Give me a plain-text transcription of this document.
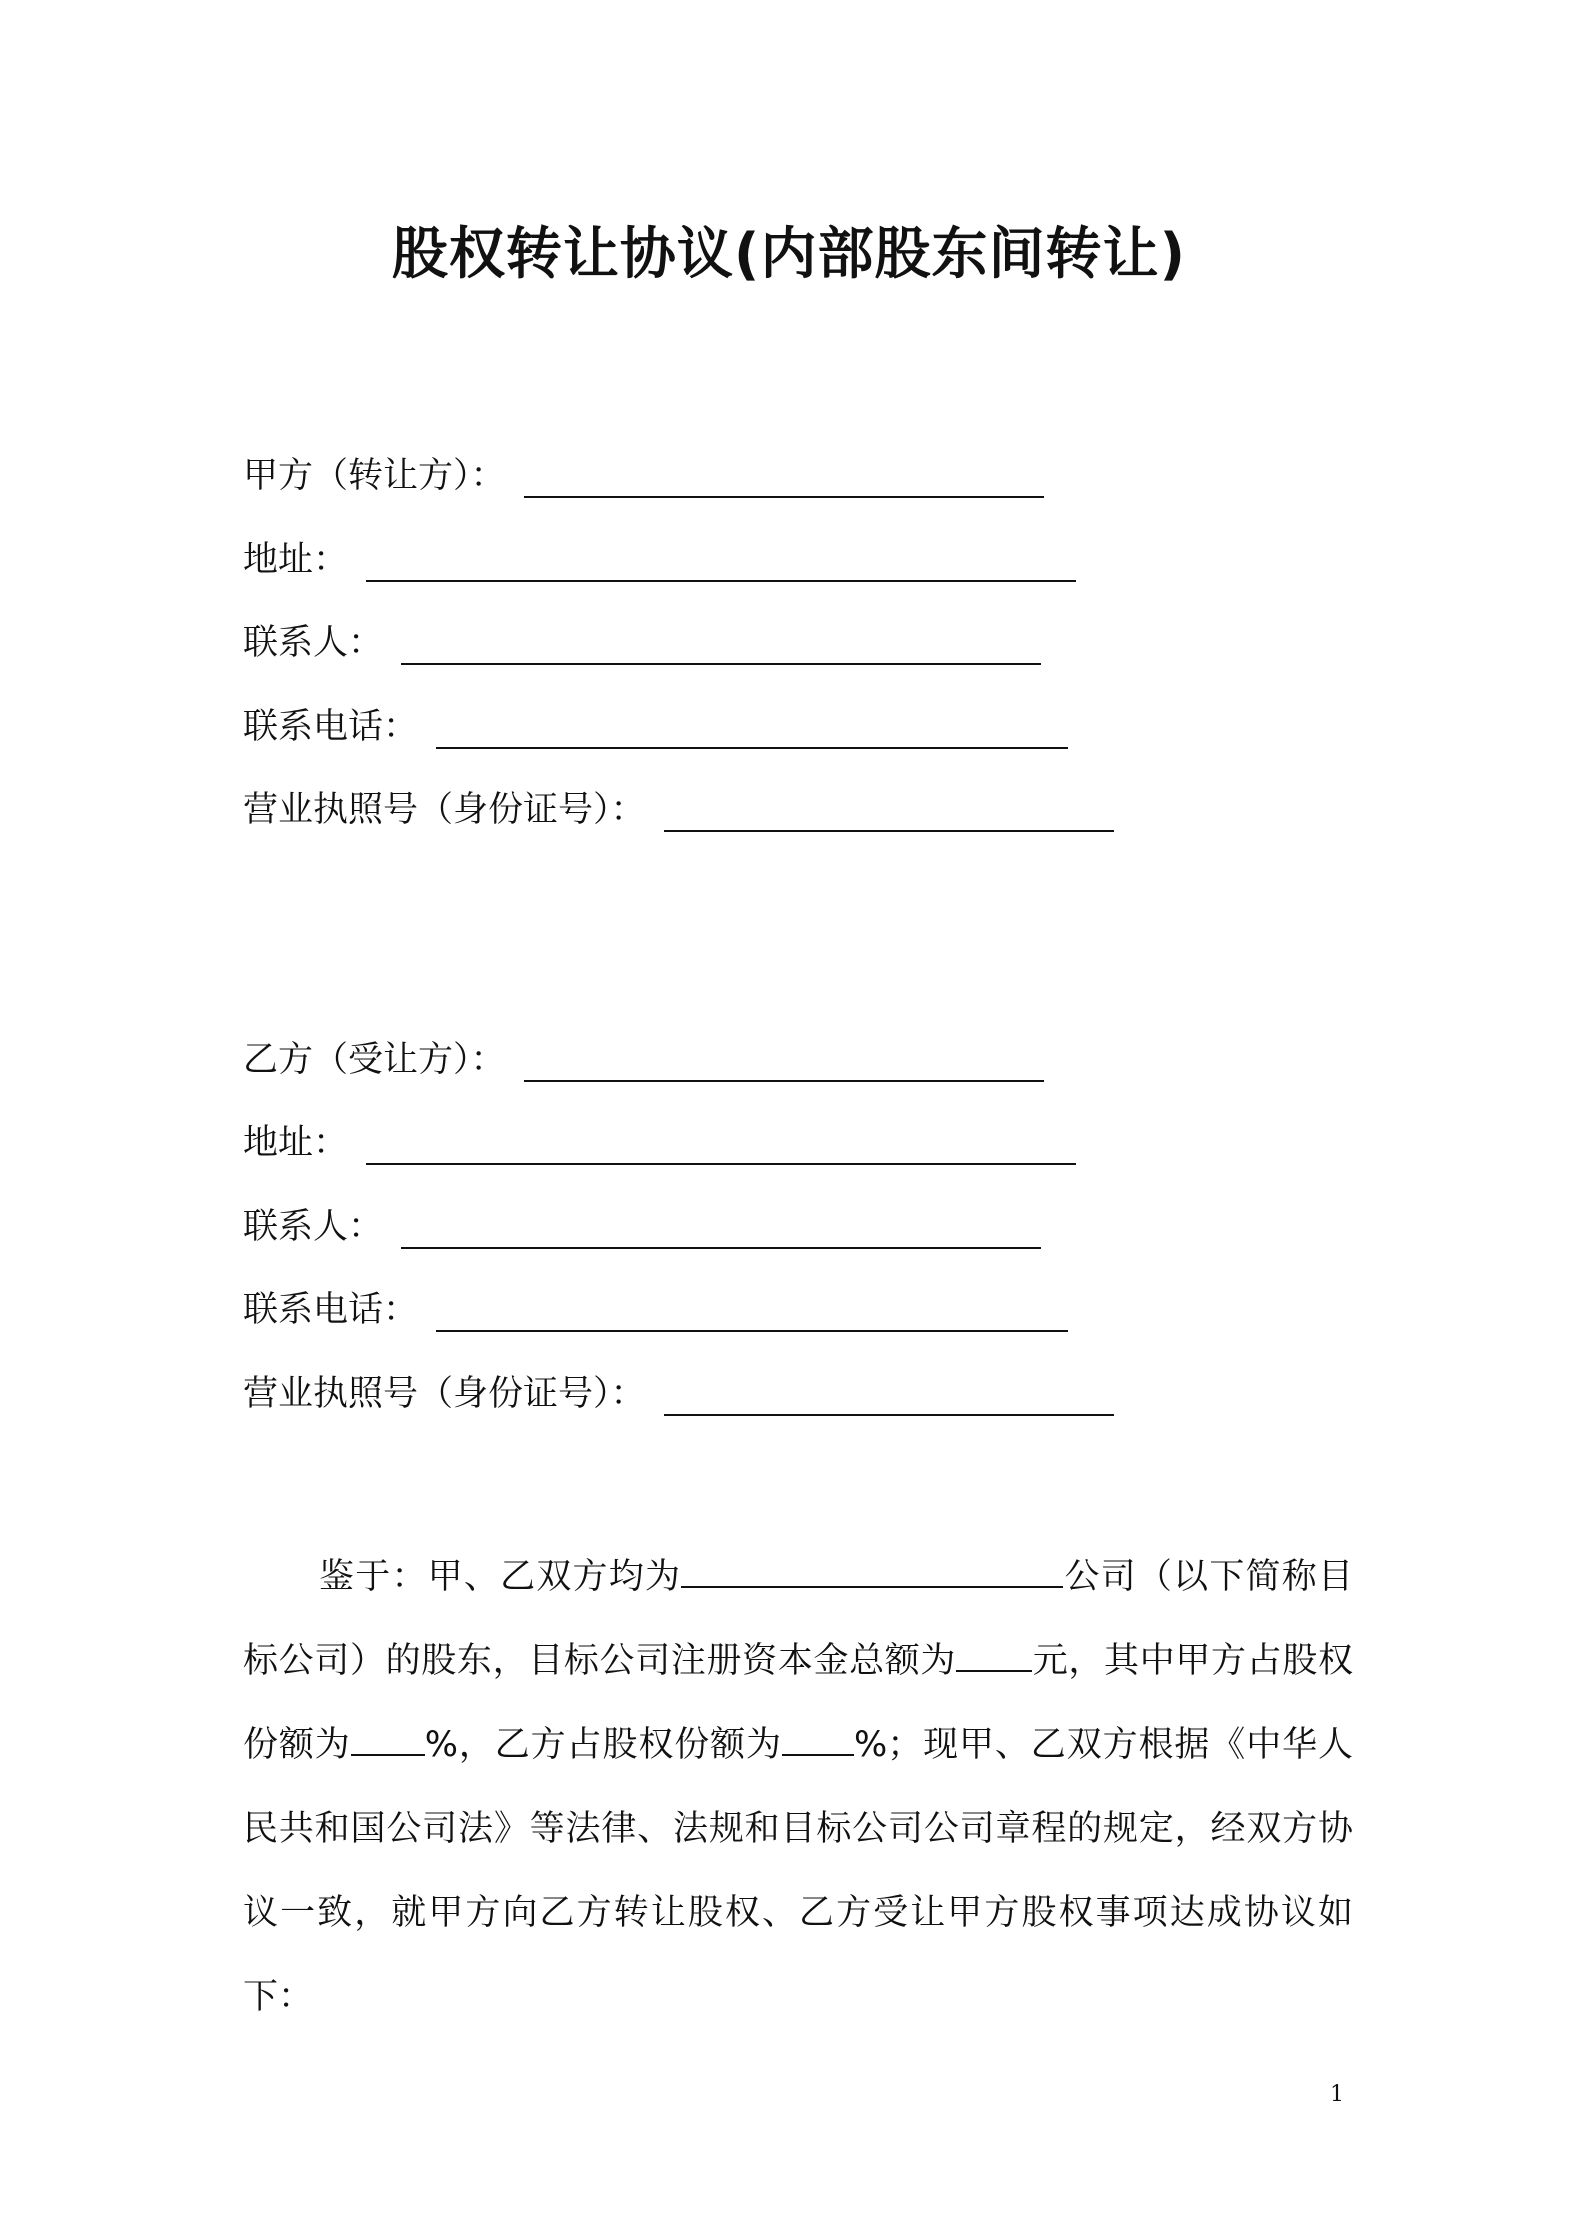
股权转让协议(内部股东间转让)
甲方（转让方）：
地址：
联系人：
联系电话：
营业执照号（身份证号）：
乙方（受让方）：
地址：
联系人：
联系电话：
营业执照号（身份证号）：
鉴于：甲、乙双方均为	公司（以下简称目标公司）的股东，目标公司注册资本金总额为 元，其中甲方占股权份额为 %，乙方占股权份额为 %；现甲、乙双方根据《中华人民共和国公司法》等法律、法规和目标公司公司章程的规定，经双方协议一致，就甲方向乙方转让股权、乙方受让甲方股权事项达成协议如下：
1
